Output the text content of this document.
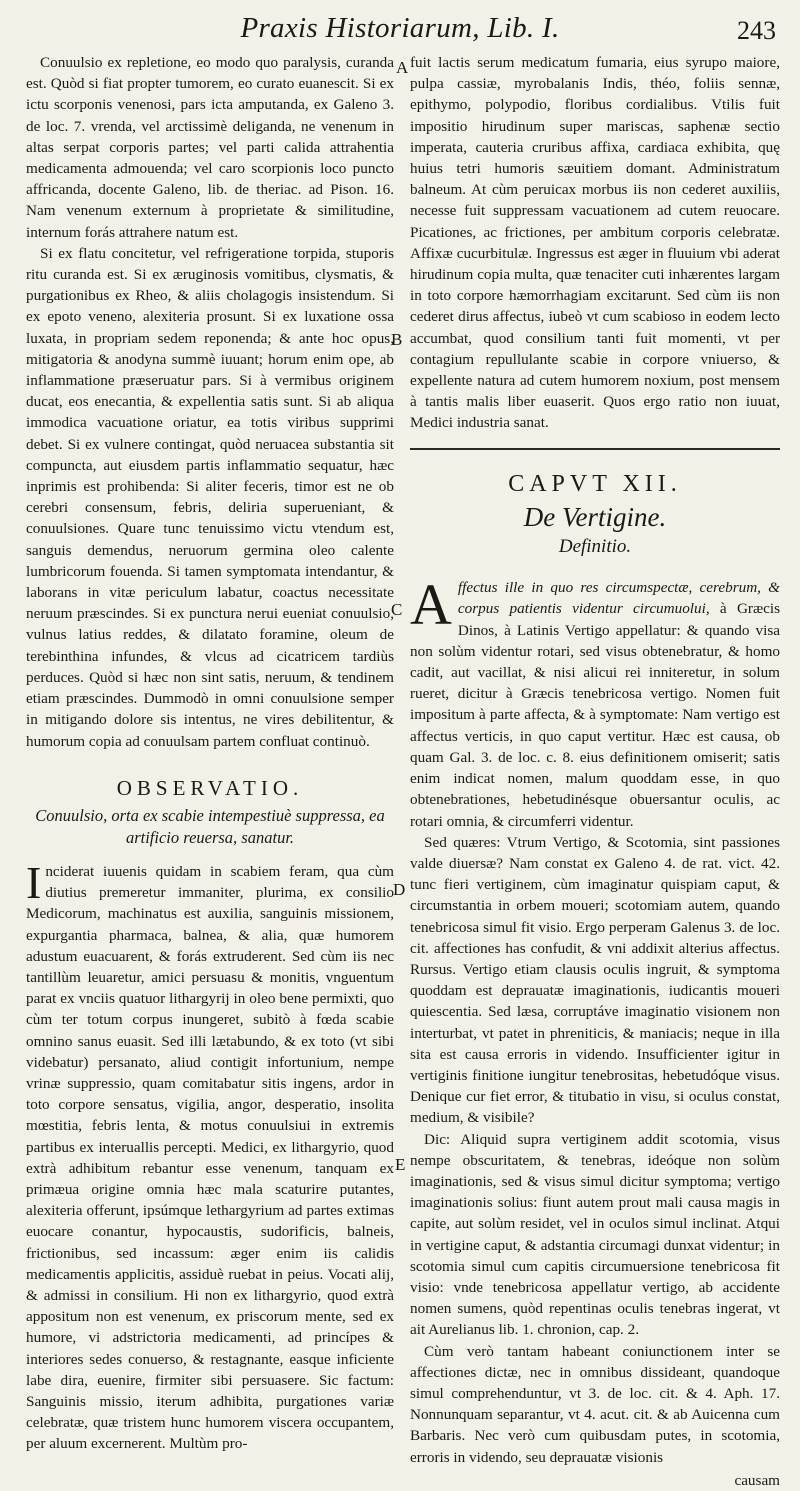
Praxis Historiarum, Lib. I.	243
A
B
C
D
E

Conuulsio ex repletione, eo modo quo paralysis, curanda est. Quòd si fiat propter tumorem, eo curato euanescit. Si ex ictu scorponis venenosi, pars icta amputanda, ex Galeno 3. de loc. 7. vrenda, vel arctissimè deliganda, ne venenum in altas serpat corporis partes; vel parti calida attrahentia medicamenta admouenda; vel caro scorpionis loco puncto affricanda, docente Galeno, lib. de theriac. ad Pison. 16. Nam venenum externum à proprietate & similitudine, internum forás attrahere natum est.

Si ex flatu concitetur, vel refrigeratione torpida, stuporis ritu curanda est. Si ex æruginosis vomitibus, clysmatis, & purgationibus ex Rheo, & aliis cholagogis insistendum. Si ex epoto veneno, alexiteria prosunt. Si ex luxatione ossa luxata, in propriam sedem reponenda; & ante hoc opus, mitigatoria & anodyna summè iuuant; horum enim ope, ab inflammatione præseruatur pars. Si à vermibus originem ducat, eos enecantia, & expellentia satis sunt. Si ab aliqua immodica vacuatione oriatur, ea totis viribus supprimi debet. Si ex vulnere contingat, quòd neruacea substantia sit compuncta, aut eiusdem partis inflammatio sequatur, hæc inprimis est prohibenda: Si aliter feceris, timor est ne ob cerebri consensum, febris, deliria superueniant, & conuulsiones. Quare tunc tenuissimo victu vtendum est, sanguis demendus, neruorum germina oleo calente lumbricorum fouenda. Si tamen symptomata intendantur, & laborans in vitæ periculum labatur, coactus necessitate neruum præscindes. Si ex punctura nerui eueniat conuulsio, vulnus latius reddes, & dilatato foramine, oleum de terebinthina infundes, & vlcus ad cicatricem tardiùs perduces. Quòd si hæc non sint satis, neruum, & tendinem etiam præscindes. Dummodò in omni conuulsione semper in mitigando dolore sis intentus, ne vires debilitentur, & humorum copia ad conuulsam partem confluat continuò.

OBSERVATIO.
Conuulsio, orta ex scabie intempestiuè suppressa, ea artificio reuersa, sanatur.

Inciderat iuuenis quidam in scabiem feram, qua cùm diutius premeretur immaniter, plurima, ex consilio Medicorum, machinatus est auxilia, sanguinis missionem, expurgantia pharmaca, balnea, & alia, quæ humorem adustum euacuarent, & forás extruderent. Sed cùm iis nec tantillùm leuaretur, amici persuasu & monitis, vnguentum parat ex vnciis quatuor lithargyrij in oleo bene permixti, quo cùm ter totum corpus inungeret, subitò à fœda scabie omnino sanus euasit. Sed illi lætabundo, & ex toto (vt sibi videbatur) persanato, aliud contigit infortunium, nempe vrinæ suppressio, quam comitabatur sitis ingens, ardor in toto corpore sensatus, vigilia, angor, desperatio, insolita mœstitia, febris lenta, & motus conuulsiui in extremis partibus ex interuallis percepti. Medici, ex lithargyrio, quod extrà adhibitum rebantur esse venenum, tanquam ex primæua origine omnia hæc mala scaturire putantes, alexiteria offerunt, ipsúmque lethargyrium ad partes extimas euocare conantur, hypocaustis, sudorificis, balneis, frictionibus, sed incassum: æger enim iis calidis medicamentis applicitis, assiduè ruebat in peius. Vocati alij, & admissi in consilium. Hi non ex lithargyrio, quod extrà appositum non est venenum, ex priscorum mente, sed ex humore, vi adstrictoria medicamenti, ad princípes & interiores sedes conuerso, & restagnante, easque inficiente labe dira, euenire, firmiter sibi persuasere. Sic factum: Sanguinis missio, iterum adhibita, purgationes variæ celebratæ, quæ tristem hunc humorem viscera occupantem, per aluum excernerent. Multùm pro-

fuit lactis serum medicatum fumaria, eius syrupo maiore, pulpa cassiæ, myrobalanis Indis, théo, foliis sennæ, epithymo, polypodio, floribus cordialibus. Vtilis fuit impositio hirudinum super mariscas, saphenæ sectio imperata, cauteria cruribus affixa, cardiaca exhibita, quę huius tetri humoris sæuitiem domant. Administratum balneum. At cùm peruicax morbus iis non cederet auxiliis, necesse fuit suppressam vacuationem ad cutem reuocare. Picationes, ac frictiones, per ambitum corporis celebratæ. Affixæ cucurbitulæ. Ingressus est æger in fluuium vbi aderat hirudinum copia multa, quæ tenaciter cuti inhærentes largam in toto corpore hæmorrhagiam excitarunt. Sed cùm iis non cederet dirus affectus, iubeò vt cum scabioso in eodem lecto accumbat, quod consilium tanti fuit momenti, vt per contagium repullulante scabie in corpore vniuerso, & expellente natura ad cutem humorem noxium, post mensem à tantis malis liber euaserit. Quos ergo ratio non iuuat, Medici industria sanat.

CAPVT XII.
De Vertigine.
Definitio.

Affectus ille in quo res circumspectæ, cerebrum, & corpus patientis videntur circumuolui, à Græcis Dinos, à Latinis Vertigo appellatur: & quando visa non solùm videntur rotari, sed visus obtenebratur, & homo cadit, aut vacillat, & nisi alicui rei inniteretur, in solum rueret, dicitur à Græcis tenebricosa vertigo. Nomen fuit impositum à parte affecta, & à symptomate: Nam vertigo est affectus verticis, in quo caput vertitur. Hæc est causa, ob quam Gal. 3. de loc. c. 8. eius definitionem omiserit; satis enim indicat nomen, malum quoddam esse, in quo obtenebrationes, hebetudinésque obuersantur oculis, ac rotari omnia, & circumferri videntur.

Sed quæres: Vtrum Vertigo, & Scotomia, sint passiones valde diuersæ? Nam constat ex Galeno 4. de rat. vict. 42. tunc fieri vertiginem, cùm imaginatur quispiam caput, & circumstantia in orbem moueri; scotomiam autem, quando tenebricosa simul fit visio. Ergo perperam Galenus 3. de loc. cit. affectiones has confudit, & vni addixit alterius affectus. Rursus. Vertigo etiam clausis oculis ingruit, & symptoma quoddam est deprauatæ imaginationis, iudicantis moueri quiescentia. Sed læsa, corruptáve imaginatio visionem non interturbat, vt patet in phreniticis, & maniacis; neque in illa sita est causa erroris in videndo. Insufficienter igitur in vertiginis finitione iungitur tenebrositas, hebetudóque visus. Denique cur fiet error, & titubatio in visu, si oculus constat, medium, & visibile?

Dic: Aliquid supra vertiginem addit scotomia, visus nempe obscuritatem, & tenebras, ideóque non solùm imaginationis, sed & visus simul dicitur symptoma; vertigo imaginationis solius: fiunt autem prout mali causa magis in capite, aut solùm residet, vel in oculos simul inclinat. Atqui in vertigine caput, & adstantia circumagi dunxat videntur; in scotomia simul cum capitis circumuersione tenebricosa fit visio: vnde tenebricosa appellatur vertigo, ab accidente nomen sumens, quòd repentinas oculis tenebras ingerat, vt ait Aurelianus lib. 1. chronion, cap. 2.

Cùm verò tantam habeant coniunctionem inter se affectiones dictæ, nec in omnibus dissideant, quandoque simul comprehenduntur, vt 3. de loc. cit. & 4. Aph. 17. Nonnunquam separantur, vt 4. acut. cit. & ab Auicenna cum Barbaris. Nec verò cum quibusdam putes, in scotomia, erroris in videndo, seu deprauatæ visionis

causam
